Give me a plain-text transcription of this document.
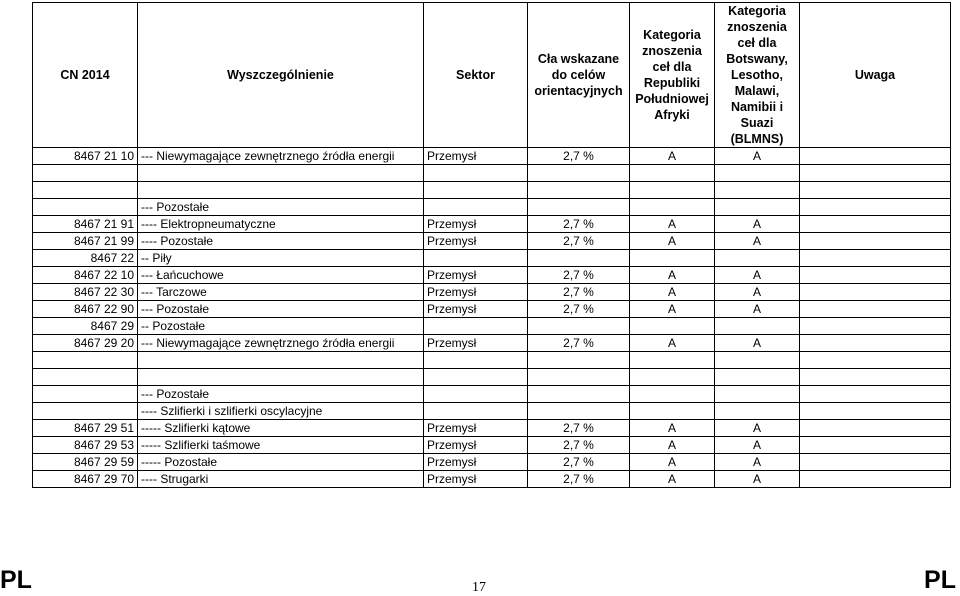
CN 2014	Wyszczególnienie	Sektor	Cła wskazane do celów orientacyjnych	Kategoria znoszenia ceł dla Republiki Południowej Afryki	Kategoria znoszenia ceł dla Botswany, Lesotho, Malawi, Namibii i Suazi (BLMNS)	Uwaga
8467 21 10	--- Niewymagające zewnętrznego źródła energii	Przemysł	2,7 %	A	A	

	--- Pozostałe					
8467 21 91	---- Elektropneumatyczne	Przemysł	2,7 %	A	A	
8467 21 99	---- Pozostałe	Przemysł	2,7 %	A	A	
8467 22	-- Piły					
8467 22 10	--- Łańcuchowe	Przemysł	2,7 %	A	A	
8467 22 30	--- Tarczowe	Przemysł	2,7 %	A	A	
8467 22 90	--- Pozostałe	Przemysł	2,7 %	A	A	
8467 29	-- Pozostałe					
8467 29 20	--- Niewymagające zewnętrznego źródła energii	Przemysł	2,7 %	A	A	

	--- Pozostałe					
	---- Szlifierki i szlifierki oscylacyjne					
8467 29 51	----- Szlifierki kątowe	Przemysł	2,7 %	A	A	
8467 29 53	----- Szlifierki taśmowe	Przemysł	2,7 %	A	A	
8467 29 59	----- Pozostałe	Przemysł	2,7 %	A	A	
8467 29 70	---- Strugarki	Przemysł	2,7 %	A	A	
PL	17	PL
